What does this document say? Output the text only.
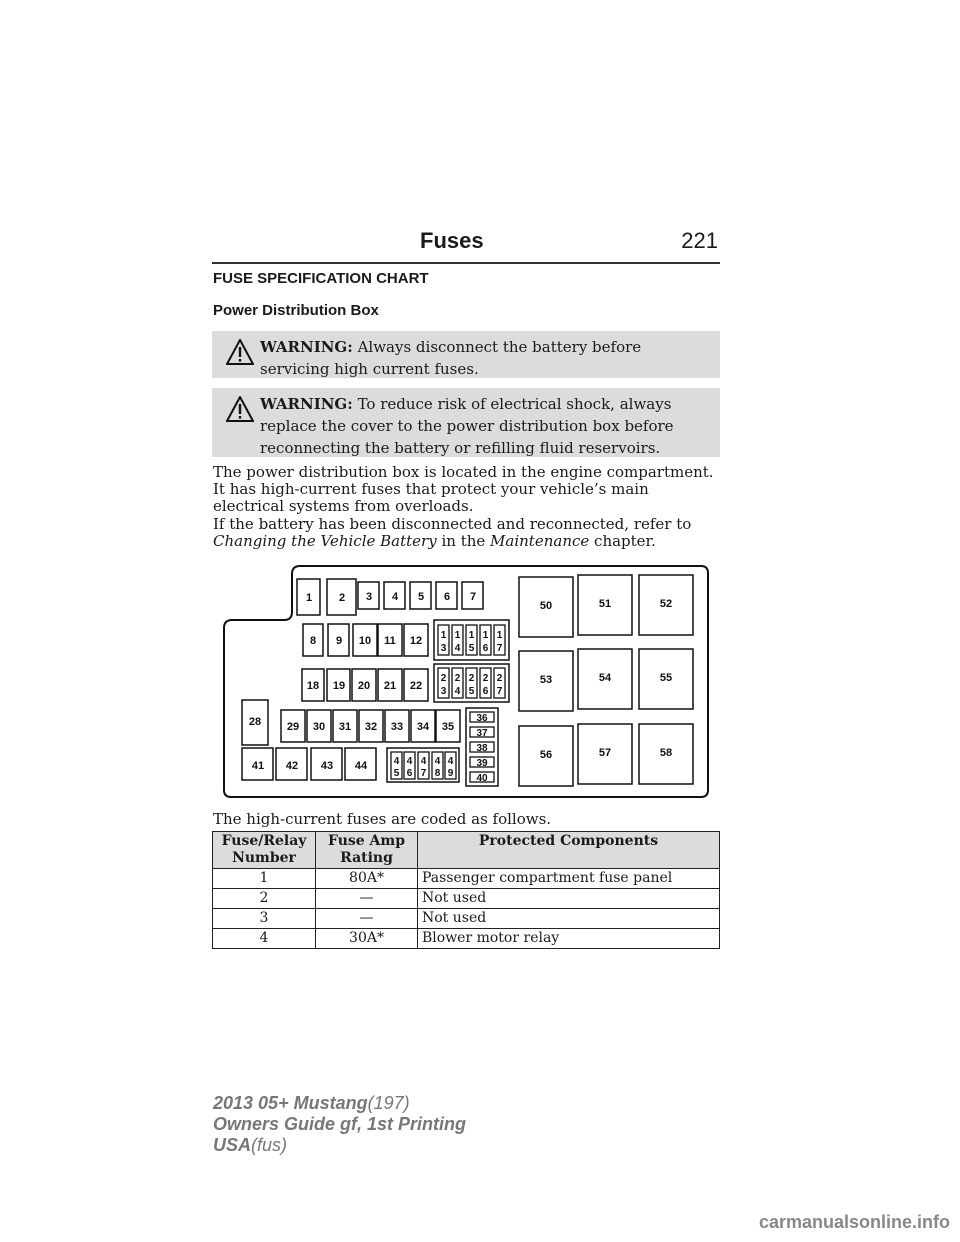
Fuses	221
FUSE SPECIFICATION CHART
Power Distribution Box
WARNING: Always disconnect the battery before servicing high current fuses.
WARNING: To reduce risk of electrical shock, always replace the cover to the power distribution box before reconnecting the battery or refilling fluid reservoirs.
The power distribution box is located in the engine compartment. It has high-current fuses that protect your vehicle’s main electrical systems from overloads.
If the battery has been disconnected and reconnected, refer to Changing the Vehicle Battery in the Maintenance chapter.
1 2 3 4 5 6 7
8 9 10 11 12
18 19 20 21 22
28 29 30 31 32 33 34 35
41 42 43 44
50	51	52
53	54	55
56	57	58
36
37
38
39
40
1
3
1
4
1
5
1
6
1
7
2
3
2
4
2
5
2
6
2
7
4
5
4
6
4
7
4
8
4
9
The high-current fuses are coded as follows.
Fuse/Relay Number	Fuse Amp Rating	Protected Components
1	80A*	Passenger compartment fuse panel
2	—	Not used
3	—	Not used
4	30A*	Blower motor relay
2013 05+ Mustang(197)
Owners Guide gf, 1st Printing
USA(fus)
carmanualsonline.info
